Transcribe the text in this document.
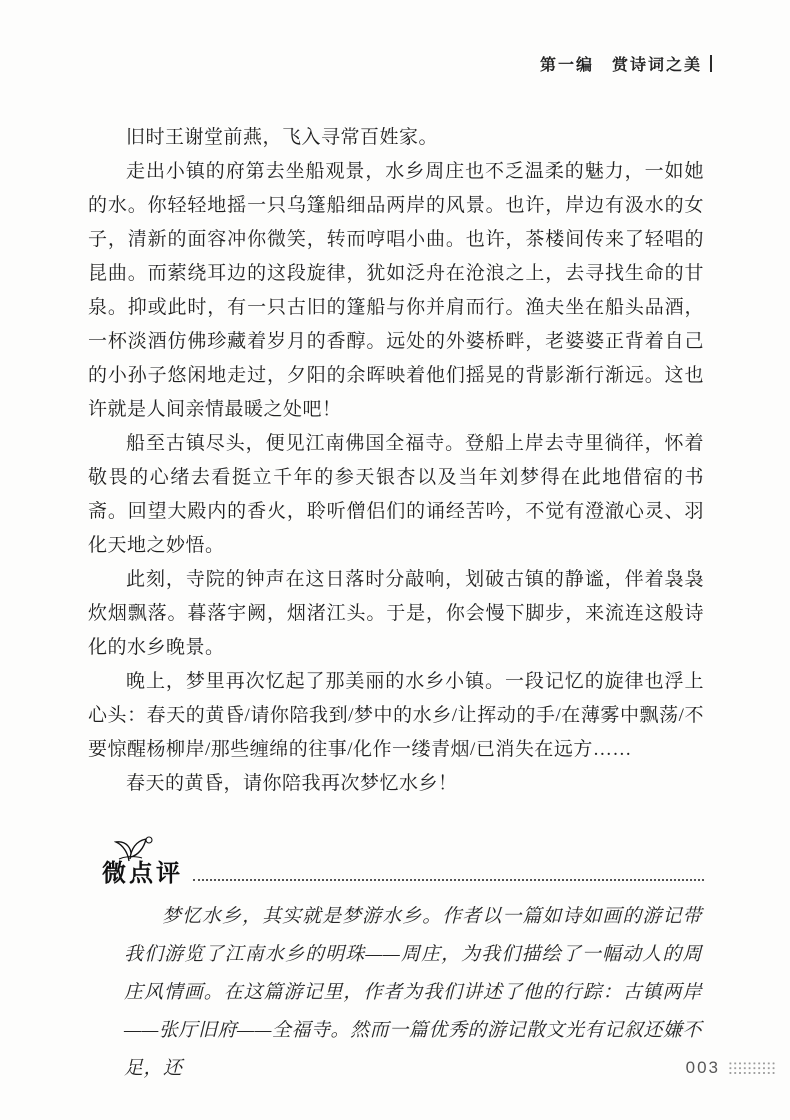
第一编　赏诗词之美

旧时王谢堂前燕，飞入寻常百姓家。

走出小镇的府第去坐船观景，水乡周庄也不乏温柔的魅力，一如她的水。你轻轻地摇一只乌篷船细品两岸的风景。也许，岸边有汲水的女子，清新的面容冲你微笑，转而哼唱小曲。也许，茶楼间传来了轻唱的昆曲。而萦绕耳边的这段旋律，犹如泛舟在沧浪之上，去寻找生命的甘泉。抑或此时，有一只古旧的篷船与你并肩而行。渔夫坐在船头品酒，一杯淡酒仿佛珍藏着岁月的香醇。远处的外婆桥畔，老婆婆正背着自己的小孙子悠闲地走过，夕阳的余晖映着他们摇晃的背影渐行渐远。这也许就是人间亲情最暖之处吧！

船至古镇尽头，便见江南佛国全福寺。登船上岸去寺里徜徉，怀着敬畏的心绪去看挺立千年的参天银杏以及当年刘梦得在此地借宿的书斋。回望大殿内的香火，聆听僧侣们的诵经苦吟，不觉有澄澈心灵、羽化天地之妙悟。

此刻，寺院的钟声在这日落时分敲响，划破古镇的静谧，伴着袅袅炊烟飘落。暮落宇阙，烟渚江头。于是，你会慢下脚步，来流连这般诗化的水乡晚景。

晚上，梦里再次忆起了那美丽的水乡小镇。一段记忆的旋律也浮上心头：春天的黄昏/请你陪我到/梦中的水乡/让挥动的手/在薄雾中飘荡/不要惊醒杨柳岸/那些缠绵的往事/化作一缕青烟/已消失在远方……

春天的黄昏，请你陪我再次梦忆水乡！

微点评

梦忆水乡，其实就是梦游水乡。作者以一篇如诗如画的游记带我们游览了江南水乡的明珠——周庄，为我们描绘了一幅动人的周庄风情画。在这篇游记里，作者为我们讲述了他的行踪：古镇两岸——张厅旧府——全福寺。然而一篇优秀的游记散文光有记叙还嫌不足，还	003
